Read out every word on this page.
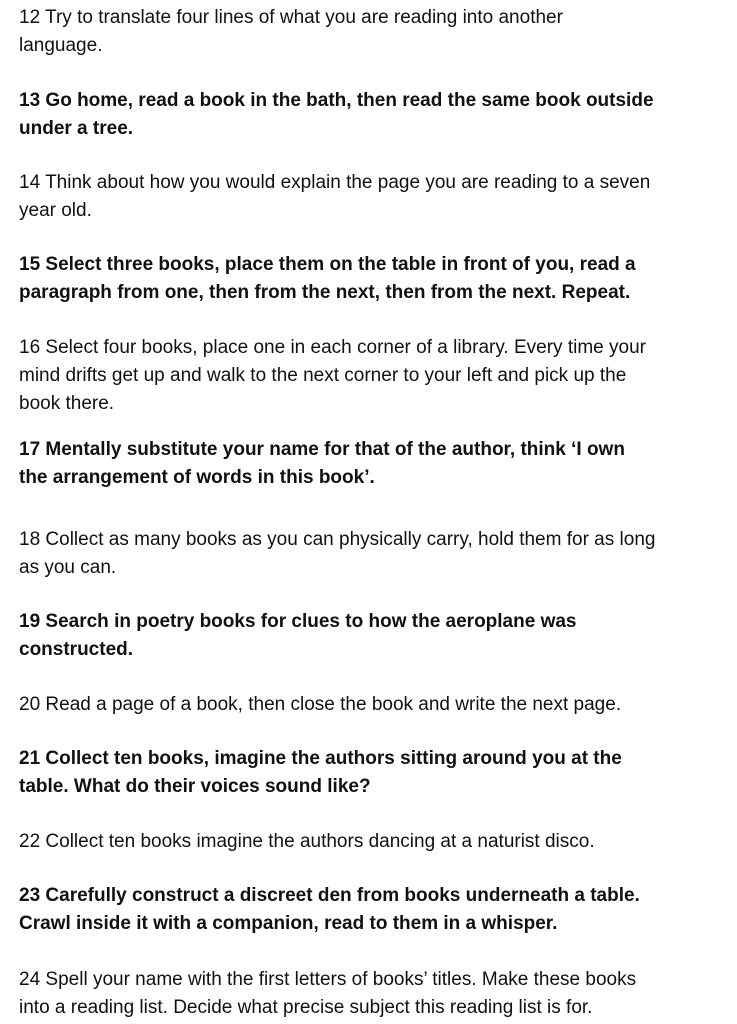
12 Try to translate four lines of what you are reading into another
language.
13 Go home, read a book in the bath, then read the same book outside
under a tree.
14 Think about how you would explain the page you are reading to a seven
year old.
15 Select three books, place them on the table in front of you, read a
paragraph from one, then from the next, then from the next. Repeat.
16 Select four books, place one in each corner of a library. Every time your
mind drifts get up and walk to the next corner to your left and pick up the
book there.
17 Mentally substitute your name for that of the author, think ‘I own
the arrangement of words in this book’.
18 Collect as many books as you can physically carry, hold them for as long
as you can.
19 Search in poetry books for clues to how the aeroplane was
constructed.
20 Read a page of a book, then close the book and write the next page.
21 Collect ten books, imagine the authors sitting around you at the
table. What do their voices sound like?
22 Collect ten books imagine the authors dancing at a naturist disco.
23 Carefully construct a discreet den from books underneath a table.
Crawl inside it with a companion, read to them in a whisper.
24 Spell your name with the first letters of books’ titles. Make these books
into a reading list. Decide what precise subject this reading list is for.
